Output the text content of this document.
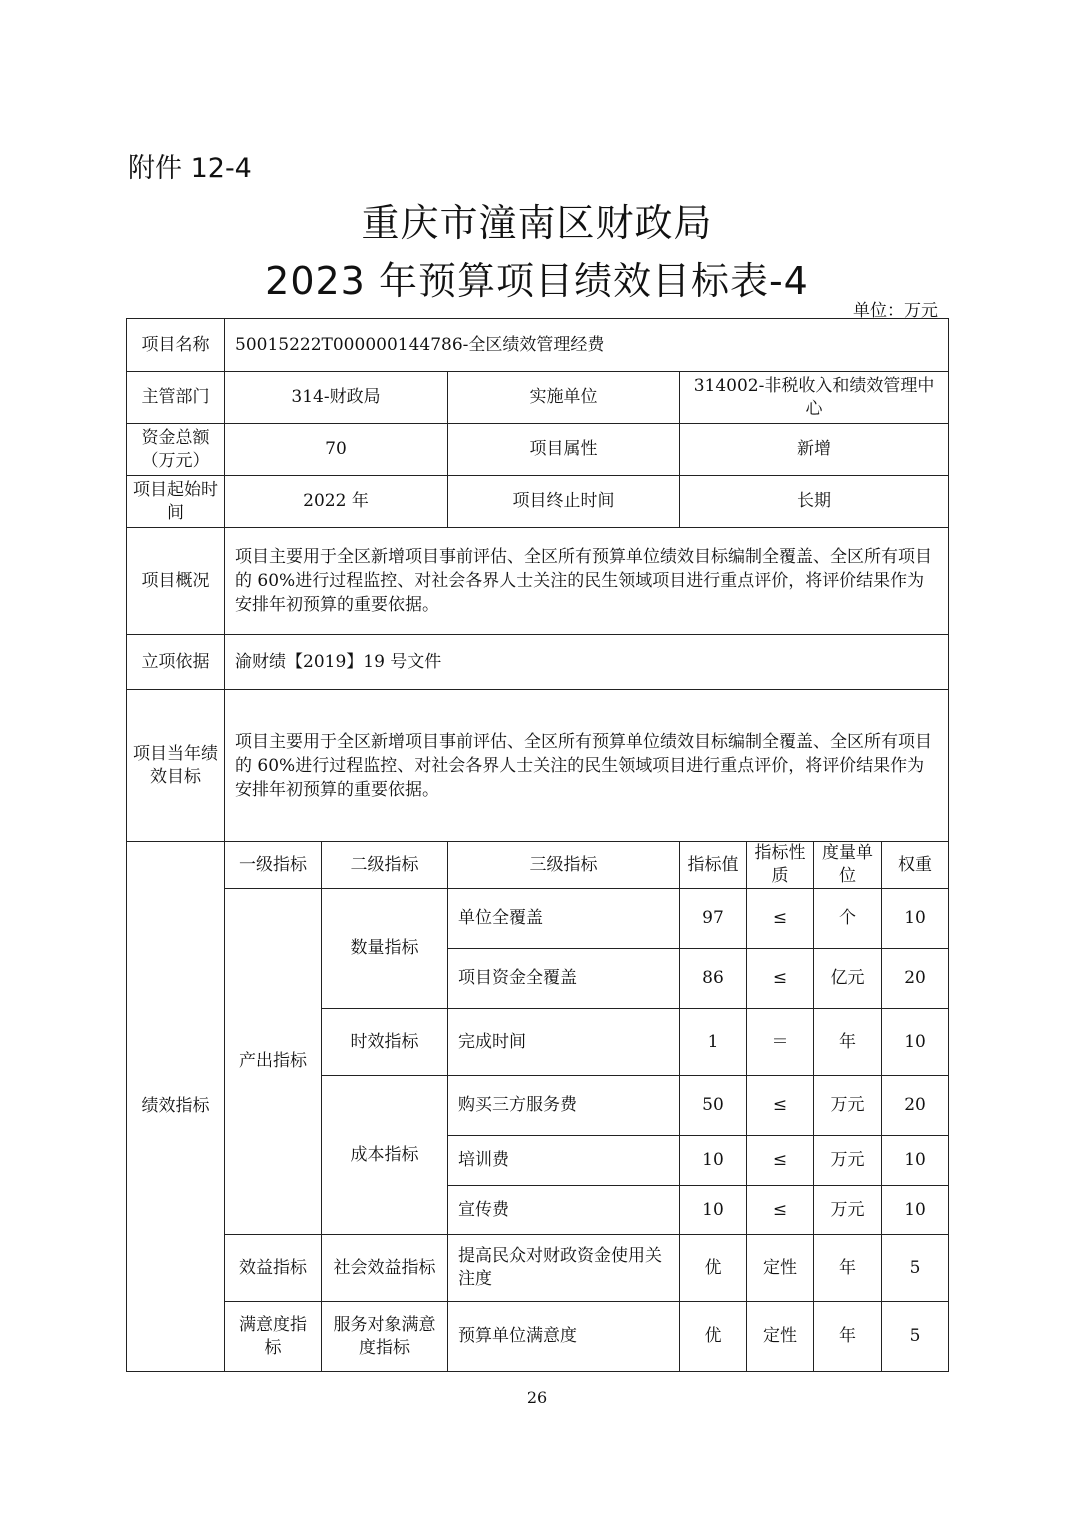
附件 12-4
重庆市潼南区财政局
2023 年预算项目绩效目标表-4
单位：万元
项目名称	50015222T000000144786-全区绩效管理经费						
主管部门	314-财政局		实施单位	314002-非税收入和绩效管理中心			
资金总额（万元）	70		项目属性	新增			
项目起始时间	2022 年		项目终止时间	长期			
项目概况	项目主要用于全区新增项目事前评估、全区所有预算单位绩效目标编制全覆盖、全区所有项目的 60%进行过程监控、对社会各界人士关注的民生领域项目进行重点评价，将评价结果作为安排年初预算的重要依据。						
立项依据	渝财绩【2019】19 号文件						
项目当年绩效目标	项目主要用于全区新增项目事前评估、全区所有预算单位绩效目标编制全覆盖、全区所有项目的 60%进行过程监控、对社会各界人士关注的民生领域项目进行重点评价，将评价结果作为安排年初预算的重要依据。						
绩效指标	一级指标	二级指标	三级指标	指标值	指标性质	度量单位	权重
	产出指标	数量指标	单位全覆盖	97	≤	个	10
			项目资金全覆盖	86	≤	亿元	20
		时效指标	完成时间	1	＝	年	10
		成本指标	购买三方服务费	50	≤	万元	20
			培训费	10	≤	万元	10
			宣传费	10	≤	万元	10
	效益指标	社会效益指标	提高民众对财政资金使用关注度	优	定性	年	5
	满意度指标	服务对象满意度指标	预算单位满意度	优	定性	年	5
26
